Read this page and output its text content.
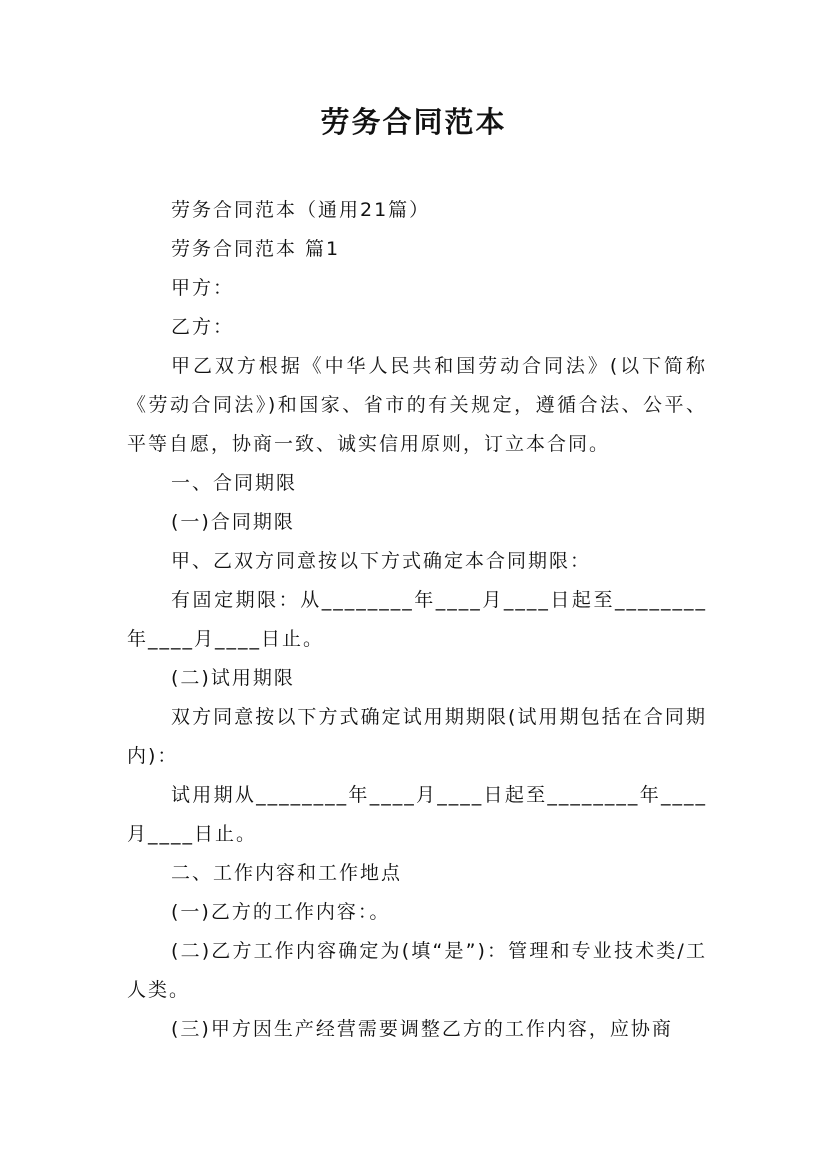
劳务合同范本

劳务合同范本（通用21篇）

劳务合同范本 篇1

甲方：

乙方：

甲乙双方根据《中华人民共和国劳动合同法》(以下简称《劳动合同法》)和国家、省市的有关规定，遵循合法、公平、平等自愿，协商一致、诚实信用原则，订立本合同。

一、合同期限

(一)合同期限

甲、乙双方同意按以下方式确定本合同期限：

有固定期限：从________年____月____日起至________年____月____日止。

(二)试用期限

双方同意按以下方式确定试用期期限(试用期包括在合同期内)：

试用期从________年____月____日起至________年____月____日止。

二、工作内容和工作地点

(一)乙方的工作内容：。

(二)乙方工作内容确定为(填“是”)：管理和专业技术类/工人类。

(三)甲方因生产经营需要调整乙方的工作内容，应协商
